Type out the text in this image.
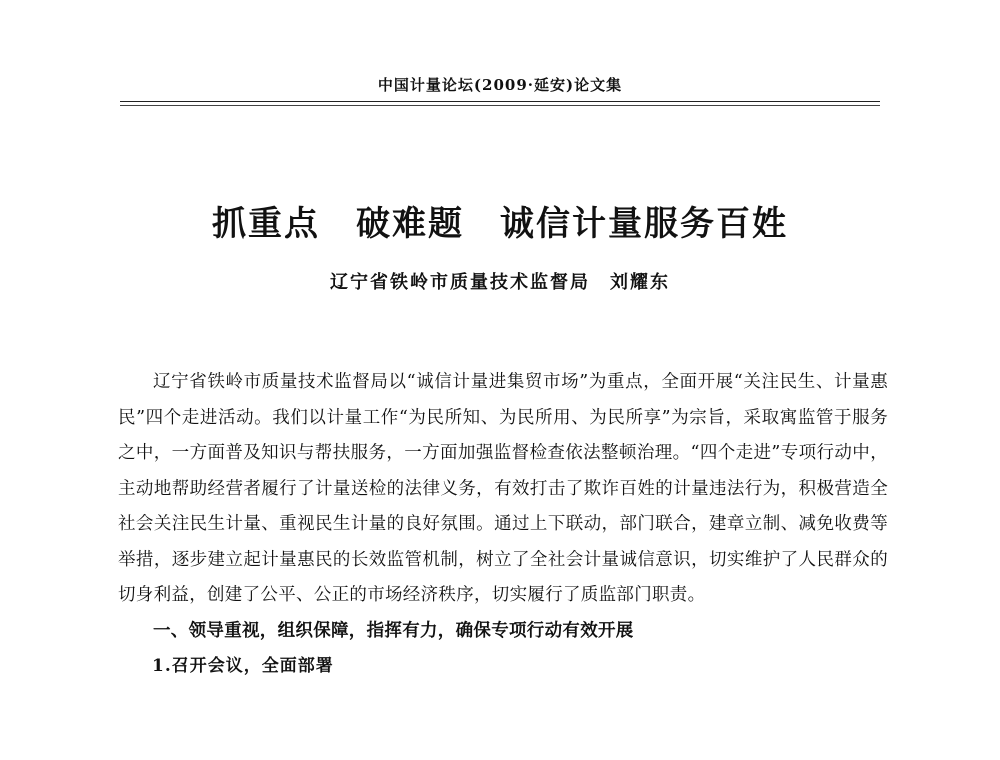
中国计量论坛(2009·延安)论文集
抓重点　破难题　诚信计量服务百姓
辽宁省铁岭市质量技术监督局　刘耀东

辽宁省铁岭市质量技术监督局以“诚信计量进集贸市场”为重点，全面开展“关注民生、计量惠民”四个走进活动。我们以计量工作“为民所知、为民所用、为民所享”为宗旨，采取寓监管于服务之中，一方面普及知识与帮扶服务，一方面加强监督检查依法整顿治理。“四个走进”专项行动中，主动地帮助经营者履行了计量送检的法律义务，有效打击了欺诈百姓的计量违法行为，积极营造全社会关注民生计量、重视民生计量的良好氛围。通过上下联动，部门联合，建章立制、减免收费等举措，逐步建立起计量惠民的长效监管机制，树立了全社会计量诚信意识，切实维护了人民群众的切身利益，创建了公平、公正的市场经济秩序，切实履行了质监部门职责。

一、领导重视，组织保障，指挥有力，确保专项行动有效开展

1.召开会议，全面部署
